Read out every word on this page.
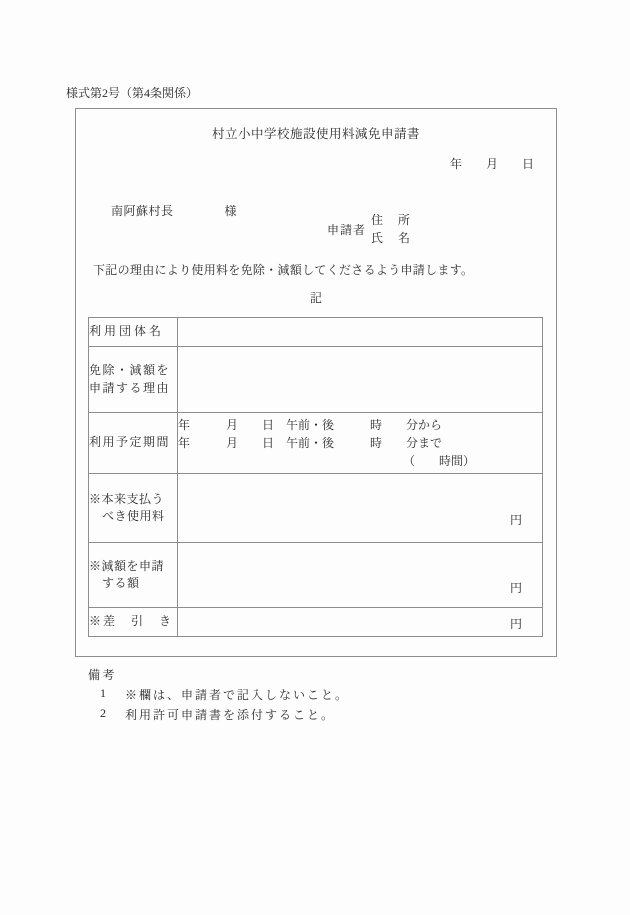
様式第2号（第4条関係）
村立小中学校施設使用料減免申請書
年　　月　　日

南阿蘇村長	様

申請者
住　所
氏　名
下記の理由により使用料を免除・減額してくださるよう申請します。
記
利用団体名	

免除・減額を
申請する理由	

利用予定期間	年　　　月　　日　午前・後　　　時　　分から
年　　　月　　日　午前・後　　　時　　分まで
（　　時間）

※本来支払う
べき使用料	円

※減額を申請
する額	円

※差　引　き	円
備考
1	※欄は、申請者で記入しないこと。
2	利用許可申請書を添付すること。
